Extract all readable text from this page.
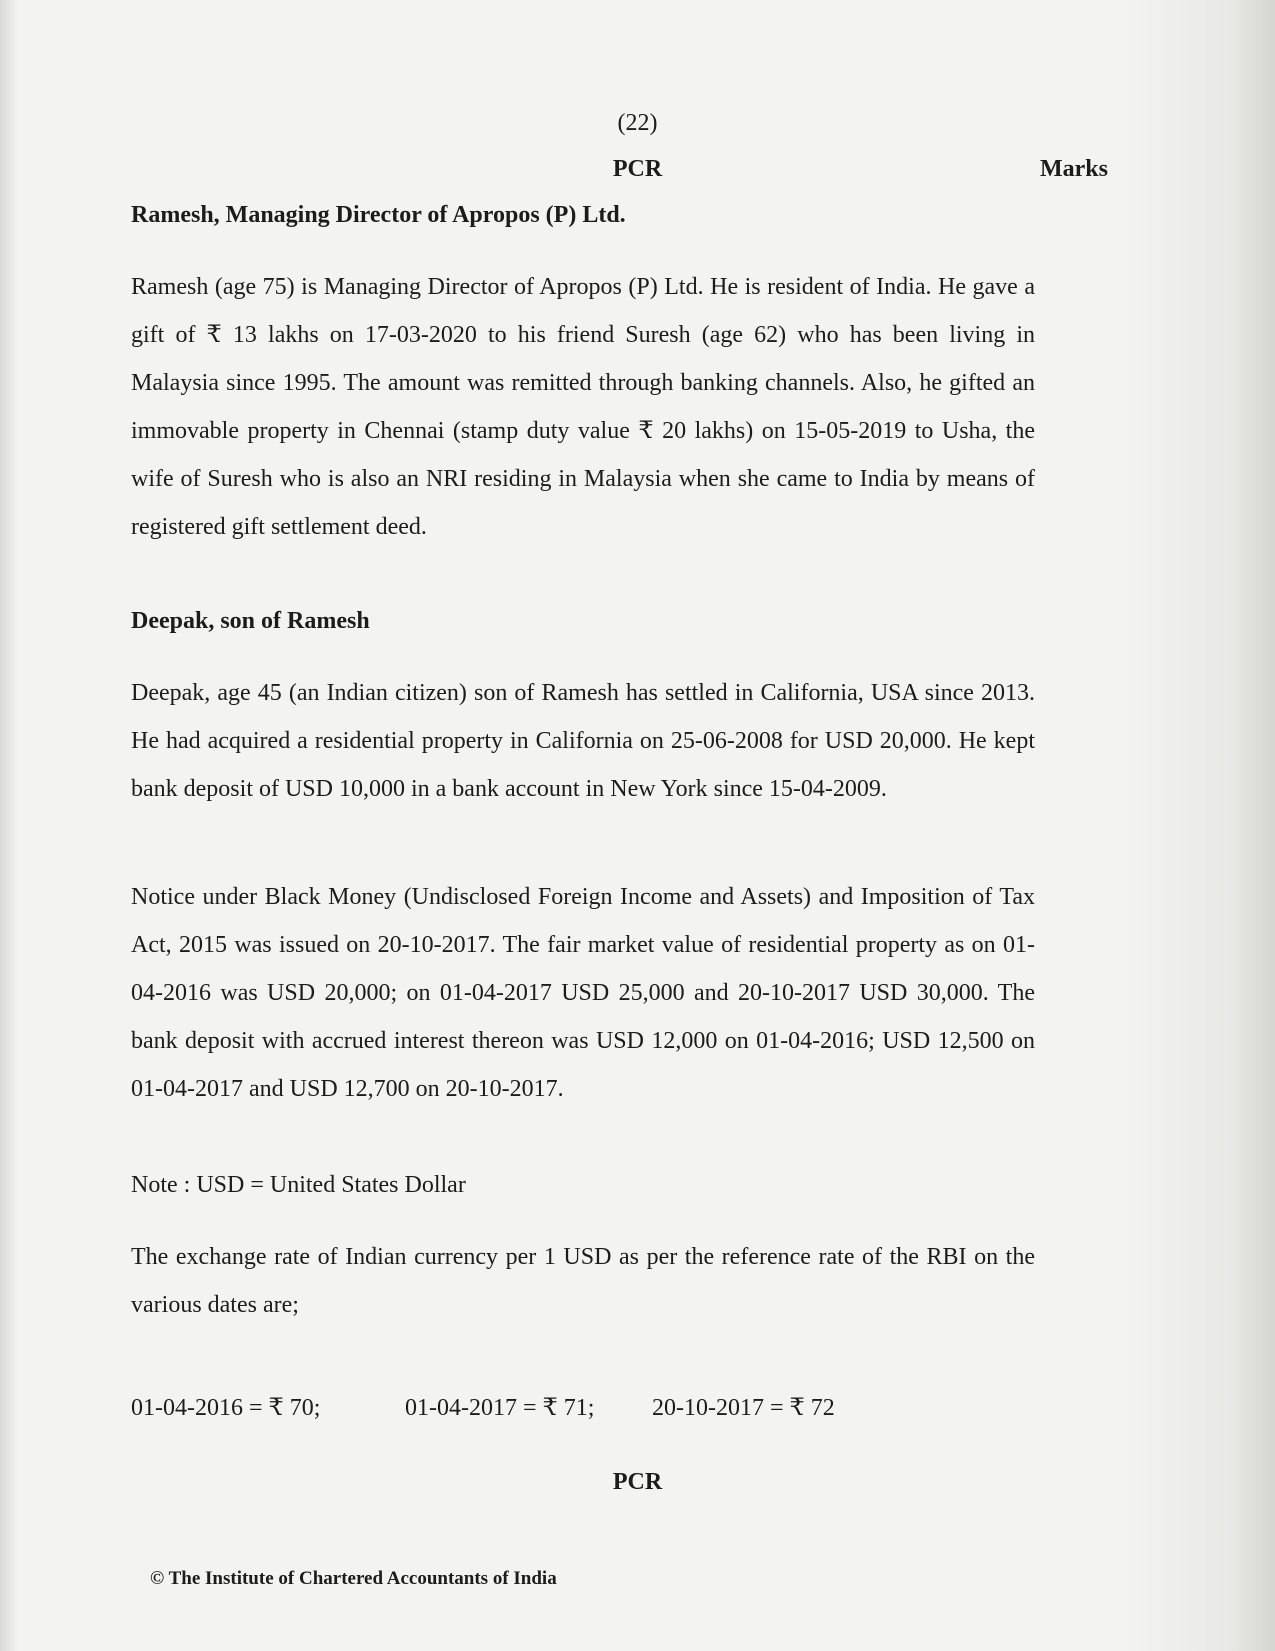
(22)
PCR	Marks
Ramesh, Managing Director of Apropos (P) Ltd.

Ramesh (age 75) is Managing Director of Apropos (P) Ltd. He is resident of India. He gave a gift of ₹ 13 lakhs on 17-03-2020 to his friend Suresh (age 62) who has been living in Malaysia since 1995. The amount was remitted through banking channels. Also, he gifted an immovable property in Chennai (stamp duty value ₹ 20 lakhs) on 15-05-2019 to Usha, the wife of Suresh who is also an NRI residing in Malaysia when she came to India by means of registered gift settlement deed.

Deepak, son of Ramesh

Deepak, age 45 (an Indian citizen) son of Ramesh has settled in California, USA since 2013. He had acquired a residential property in California on 25-06-2008 for USD 20,000. He kept bank deposit of USD 10,000 in a bank account in New York since 15-04-2009.

Notice under Black Money (Undisclosed Foreign Income and Assets) and Imposition of Tax Act, 2015 was issued on 20-10-2017. The fair market value of residential property as on 01-04-2016 was USD 20,000; on 01-04-2017 USD 25,000 and 20-10-2017 USD 30,000. The bank deposit with accrued interest thereon was USD 12,000 on 01-04-2016; USD 12,500 on 01-04-2017 and USD 12,700 on 20-10-2017.

Note : USD = United States Dollar

The exchange rate of Indian currency per 1 USD as per the reference rate of the RBI on the various dates are;

01-04-2016 = ₹ 70;	01-04-2017 = ₹ 71; 20-10-2017 = ₹ 72
PCR
© The Institute of Chartered Accountants of India
